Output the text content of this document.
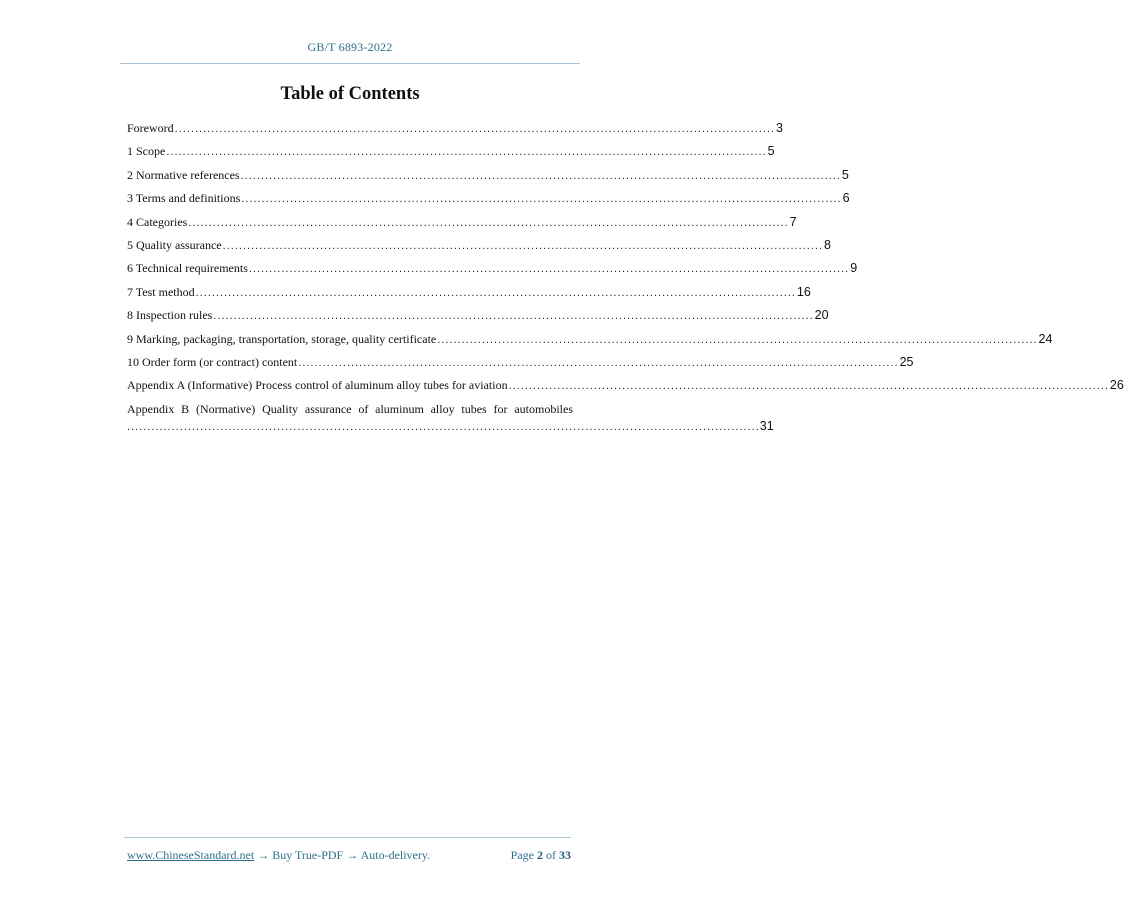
GB/T 6893-2022
Table of Contents
Foreword .................................................................................................................................................... 3
1 Scope .................................................................................................................................................... 5
2 Normative references .................................................................................................................................................... 5
3 Terms and definitions .................................................................................................................................................... 6
4 Categories .................................................................................................................................................... 7
5 Quality assurance .................................................................................................................................................... 8
6 Technical requirements .................................................................................................................................................... 9
7 Test method .................................................................................................................................................... 16
8 Inspection rules .................................................................................................................................................... 20
9 Marking, packaging, transportation, storage, quality certificate .................................................................................................................................................... 24
10 Order form (or contract) content .................................................................................................................................................... 25
Appendix A (Informative) Process control of aluminum alloy tubes for aviation .................................................................................................................................................... 26
Appendix B (Normative) Quality assurance of aluminum alloy tubes for automobiles
............................................................................................................................................................ 31
www.ChineseStandard.net → Buy True-PDF → Auto-delivery.	Page 2 of 33
